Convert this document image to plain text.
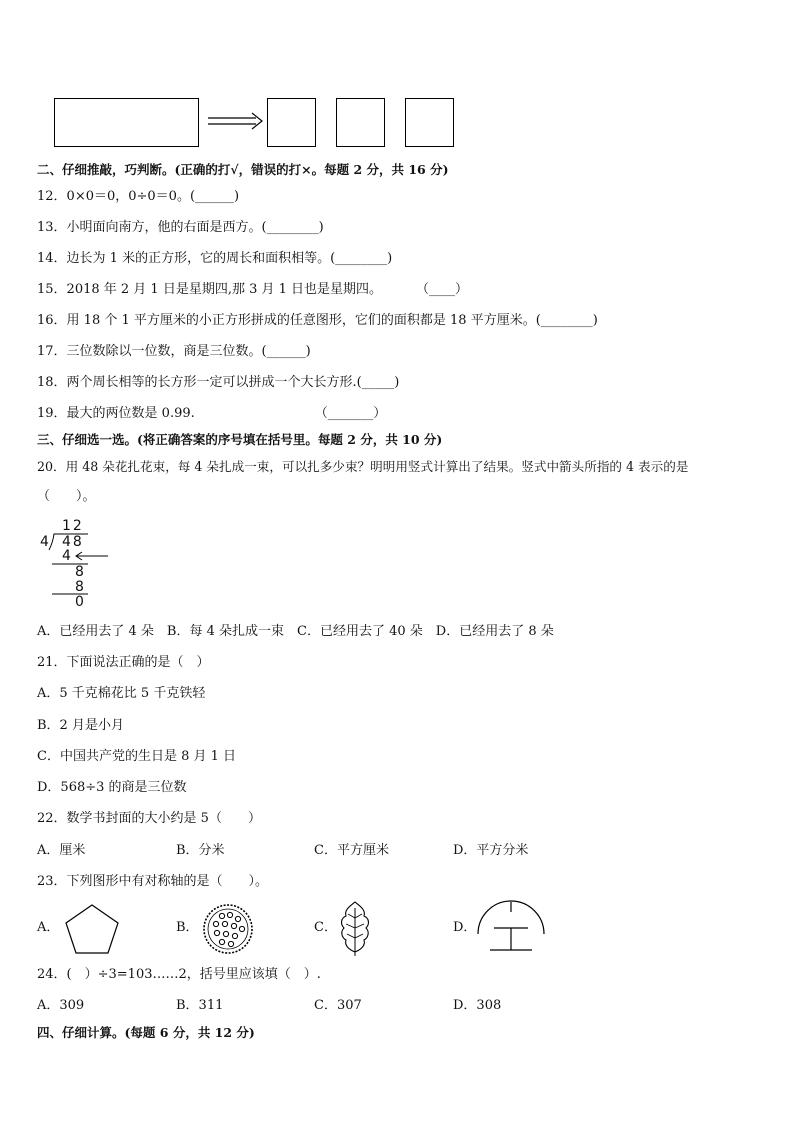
二、仔细推敲，巧判断。(正确的打√，错误的打×。每题 2 分，共 16 分)
12．0×0＝0，0÷0＝0。(______)
13．小明面向南方，他的右面是西方。(________)
14．边长为 1 米的正方形，它的周长和面积相等。(________)
15．2018 年 2 月 1 日是星期四,那 3 月 1 日也是星期四。	（____）
16．用 18 个 1 平方厘米的小正方形拼成的任意图形，它们的面积都是 18 平方厘米。(________)
17．三位数除以一位数，商是三位数。(______)
18．两个周长相等的长方形一定可以拼成一个大长方形.(_____)
19．最大的两位数是 0.99.	（_______）
三、仔细选一选。(将正确答案的序号填在括号里。每题 2 分，共 10 分)
20．用 48 朵花扎花束，每 4 朵扎成一束，可以扎多少束？明明用竖式计算出了结果。竖式中箭头所指的 4 表示的是
（　　）。
12
4 48
4
8
8
0
A．已经用去了 4 朵　B．每 4 朵扎成一束　C．已经用去了 40 朵　D．已经用去了 8 朵
21．下面说法正确的是（　）
A．5 千克棉花比 5 千克铁轻
B．2 月是小月
C．中国共产党的生日是 8 月 1 日
D．568÷3 的商是三位数
22．数学书封面的大小约是 5（　　）
A．厘米	B．分米	C．平方厘米	D．平方分米
23．下列图形中有对称轴的是（　　）。
A．	B．	C．	D．
24．(　）÷3=103……2，括号里应该填（　）.
A．309	B．311	C．307	D．308
四、仔细计算。(每题 6 分，共 12 分)
